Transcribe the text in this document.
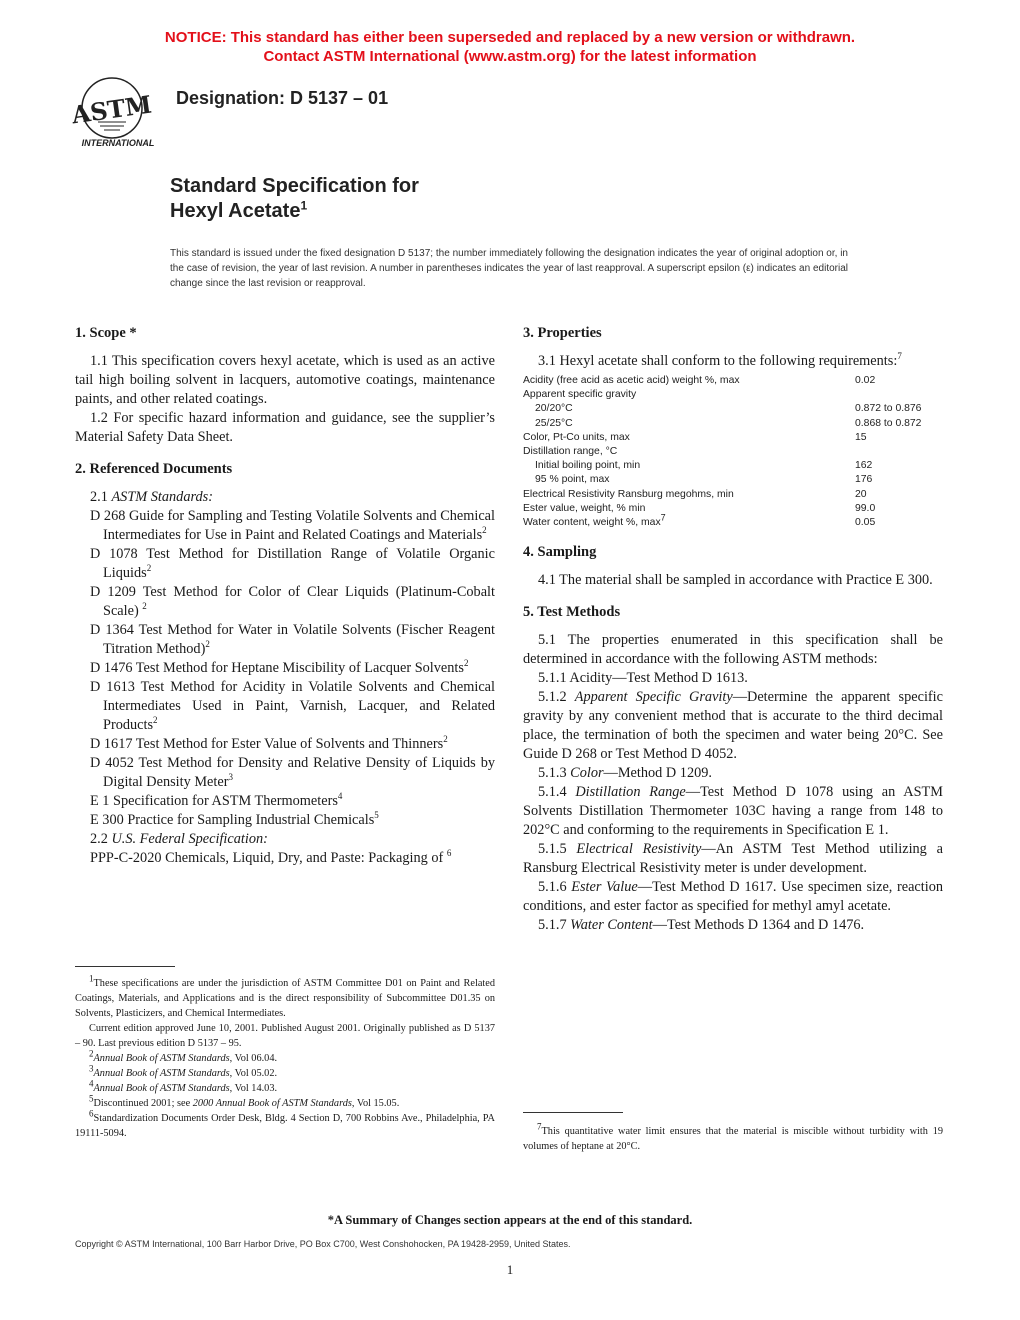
NOTICE: This standard has either been superseded and replaced by a new version or withdrawn.
Contact ASTM International (www.astm.org) for the latest information
ASTM
INTERNATIONAL
Designation: D 5137 – 01
Standard Specification for
Hexyl Acetate$^1$
This standard is issued under the fixed designation D 5137; the number immediately following the designation indicates the year of original adoption or, in the case of revision, the year of last revision. A number in parentheses indicates the year of last reapproval. A superscript epsilon (ε) indicates an editorial change since the last revision or reapproval.
1. Scope *

1.1 This specification covers hexyl acetate, which is used as an active tail high boiling solvent in lacquers, automotive coatings, maintenance paints, and other related coatings.

1.2 For specific hazard information and guidance, see the supplier’s Material Safety Data Sheet.

2. Referenced Documents

2.1 ASTM Standards:

D 268 Guide for Sampling and Testing Volatile Solvents and Chemical Intermediates for Use in Paint and Related Coatings and Materials$^2$

D 1078 Test Method for Distillation Range of Volatile Organic Liquids$^2$

D 1209 Test Method for Color of Clear Liquids (Platinum-Cobalt Scale) $^2$

D 1364 Test Method for Water in Volatile Solvents (Fischer Reagent Titration Method)$^2$

D 1476 Test Method for Heptane Miscibility of Lacquer Solvents$^2$

D 1613 Test Method for Acidity in Volatile Solvents and Chemical Intermediates Used in Paint, Varnish, Lacquer, and Related Products$^2$

D 1617 Test Method for Ester Value of Solvents and Thinners$^2$

D 4052 Test Method for Density and Relative Density of Liquids by Digital Density Meter$^3$

E 1 Specification for ASTM Thermometers$^4$

E 300 Practice for Sampling Industrial Chemicals$^5$

2.2 U.S. Federal Specification:

PPP-C-2020 Chemicals, Liquid, Dry, and Paste: Packaging of $^6$

$^1$These specifications are under the jurisdiction of ASTM Committee D01 on Paint and Related Coatings, Materials, and Applications and is the direct responsibility of Subcommittee D01.35 on Solvents, Plasticizers, and Chemical Intermediates.

Current edition approved June 10, 2001. Published August 2001. Originally published as D 5137 – 90. Last previous edition D 5137 – 95.

$^2$Annual Book of ASTM Standards, Vol 06.04.

$^3$Annual Book of ASTM Standards, Vol 05.02.

$^4$Annual Book of ASTM Standards, Vol 14.03.

$^5$Discontinued 2001; see 2000 Annual Book of ASTM Standards, Vol 15.05.

$^6$Standardization Documents Order Desk, Bldg. 4 Section D, 700 Robbins Ave., Philadelphia, PA 19111-5094.

3. Properties

3.1 Hexyl acetate shall conform to the following requirements:$^7$

Acidity (free acid as acetic acid) weight %, max	0.02
Apparent specific gravity	
20/20°C	0.872 to 0.876
25/25°C	0.868 to 0.872
Color, Pt-Co units, max	15
Distillation range, °C	
Initial boiling point, min	162
95 % point, max	176
Electrical Resistivity Ransburg megohms, min	20
Ester value, weight, % min	99.0
Water content, weight %, $\max^7$	0.05
4. Sampling

4.1 The material shall be sampled in accordance with Practice E 300.

5. Test Methods

5.1 The properties enumerated in this specification shall be determined in accordance with the following ASTM methods:

5.1.1 Acidity—Test Method D 1613.

5.1.2 Apparent Specific Gravity—Determine the apparent specific gravity by any convenient method that is accurate to the third decimal place, the termination of both the specimen and water being 20°C. See Guide D 268 or Test Method D 4052.

5.1.3 Color—Method D 1209.

5.1.4 Distillation Range—Test Method D 1078 using an ASTM Solvents Distillation Thermometer 103C having a range from 148 to 202°C and conforming to the requirements in Specification E 1.

5.1.5 Electrical Resistivity—An ASTM Test Method utilizing a Ransburg Electrical Resistivity meter is under development.

5.1.6 Ester Value—Test Method D 1617. Use specimen size, reaction conditions, and ester factor as specified for methyl amyl acetate.

5.1.7 Water Content—Test Methods D 1364 and D 1476.

$^7$This quantitative water limit ensures that the material is miscible without turbidity with 19 volumes of heptane at 20°C.

*A Summary of Changes section appears at the end of this standard.
Copyright © ASTM International, 100 Barr Harbor Drive, PO Box C700, West Conshohocken, PA 19428-2959, United States.
1
